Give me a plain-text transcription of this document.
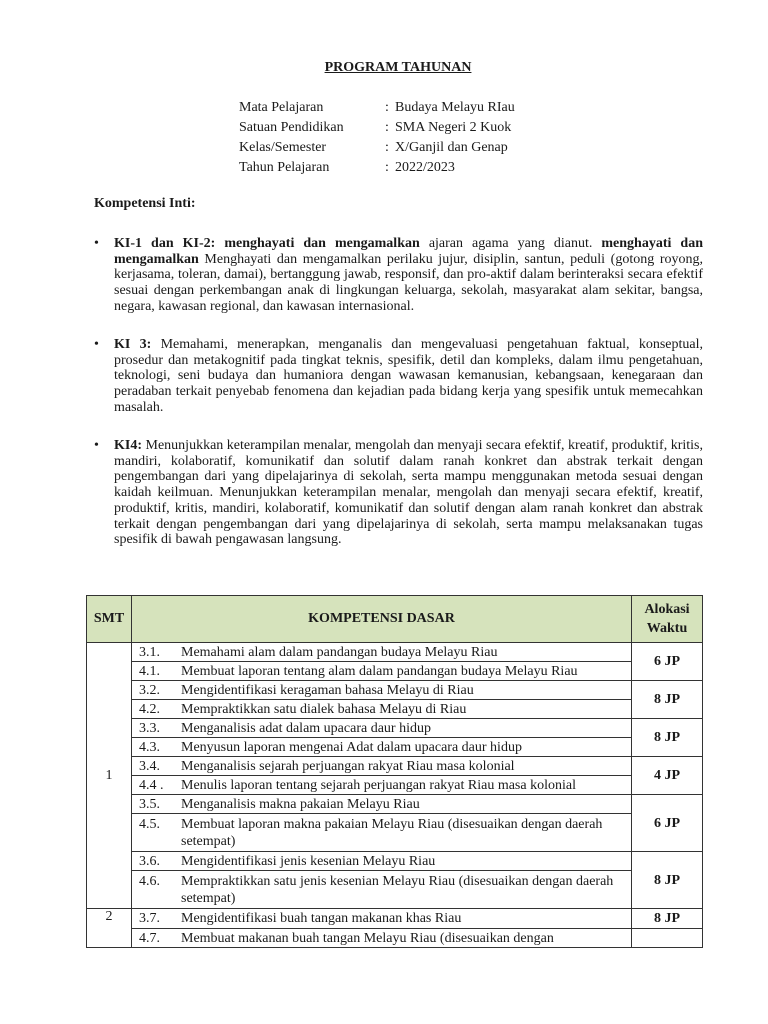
PROGRAM TAHUNAN
Mata Pelajaran	: Budaya Melayu RIau
Satuan Pendidikan	: SMA Negeri 2 Kuok
Kelas/Semester	: X/Ganjil dan Genap
Tahun Pelajaran	: 2022/2023
Kompetensi Inti:
•	KI-1 dan KI-2: menghayati dan mengamalkan ajaran agama yang dianut. menghayati dan mengamalkan Menghayati dan mengamalkan perilaku jujur, disiplin, santun, peduli (gotong royong, kerjasama, toleran, damai), bertanggung jawab, responsif, dan pro-aktif dalam berinteraksi secara efektif sesuai dengan perkembangan anak di lingkungan keluarga, sekolah, masyarakat alam sekitar, bangsa, negara, kawasan regional, dan kawasan internasional.
•	KI 3: Memahami, menerapkan, menganalis dan mengevaluasi pengetahuan faktual, konseptual, prosedur dan metakognitif pada tingkat teknis, spesifik, detil dan kompleks, dalam ilmu pengetahuan, teknologi, seni budaya dan humaniora dengan wawasan kemanusian, kebangsaan, kenegaraan dan peradaban terkait penyebab fenomena dan kejadian pada bidang kerja yang spesifik untuk memecahkan masalah.
•	KI4: Menunjukkan keterampilan menalar, mengolah dan menyaji secara efektif, kreatif, produktif, kritis, mandiri, kolaboratif, komunikatif dan solutif dalam ranah konkret dan abstrak terkait dengan pengembangan dari yang dipelajarinya di sekolah, serta mampu menggunakan metoda sesuai dengan kaidah keilmuan. Menunjukkan keterampilan menalar, mengolah dan menyaji secara efektif, kreatif, produktif, kritis, mandiri, kolaboratif, komunikatif dan solutif dengan alam ranah konkret dan abstrak terkait dengan pengembangan dari yang dipelajarinya di sekolah, serta mampu melaksanakan tugas spesifik di bawah pengawasan langsung.
SMT	KOMPETENSI DASAR	Alokasi
Waktu
1	3.1. Memahami alam dalam pandangan budaya Melayu Riau	6 JP

	4.1. Membuat laporan tentang alam dalam pandangan budaya Melayu Riau	

	3.2. Mengidentifikasi keragaman bahasa Melayu di Riau	8 JP

	4.2. Mempraktikkan satu dialek bahasa Melayu di Riau	

	3.3. Menganalisis adat dalam upacara daur hidup	8 JP

	4.3. Menyusun laporan mengenai Adat dalam upacara daur hidup	

	3.4. Menganalisis sejarah perjuangan rakyat Riau masa kolonial	4 JP

	4.4 . Menulis laporan tentang sejarah perjuangan rakyat Riau masa kolonial	

	3.5. Menganalisis makna pakaian Melayu Riau	6 JP

	4.5. Membuat laporan makna pakaian Melayu Riau (disesuaikan dengan daerah setempat)	

	3.6. Mengidentifikasi jenis kesenian Melayu Riau	8 JP

	4.6. Mempraktikkan satu jenis kesenian Melayu Riau (disesuaikan dengan daerah setempat)	

2	3.7. Mengidentifikasi buah tangan makanan khas Riau	8 JP

	4.7. Membuat makanan buah tangan Melayu Riau (disesuaikan dengan	
